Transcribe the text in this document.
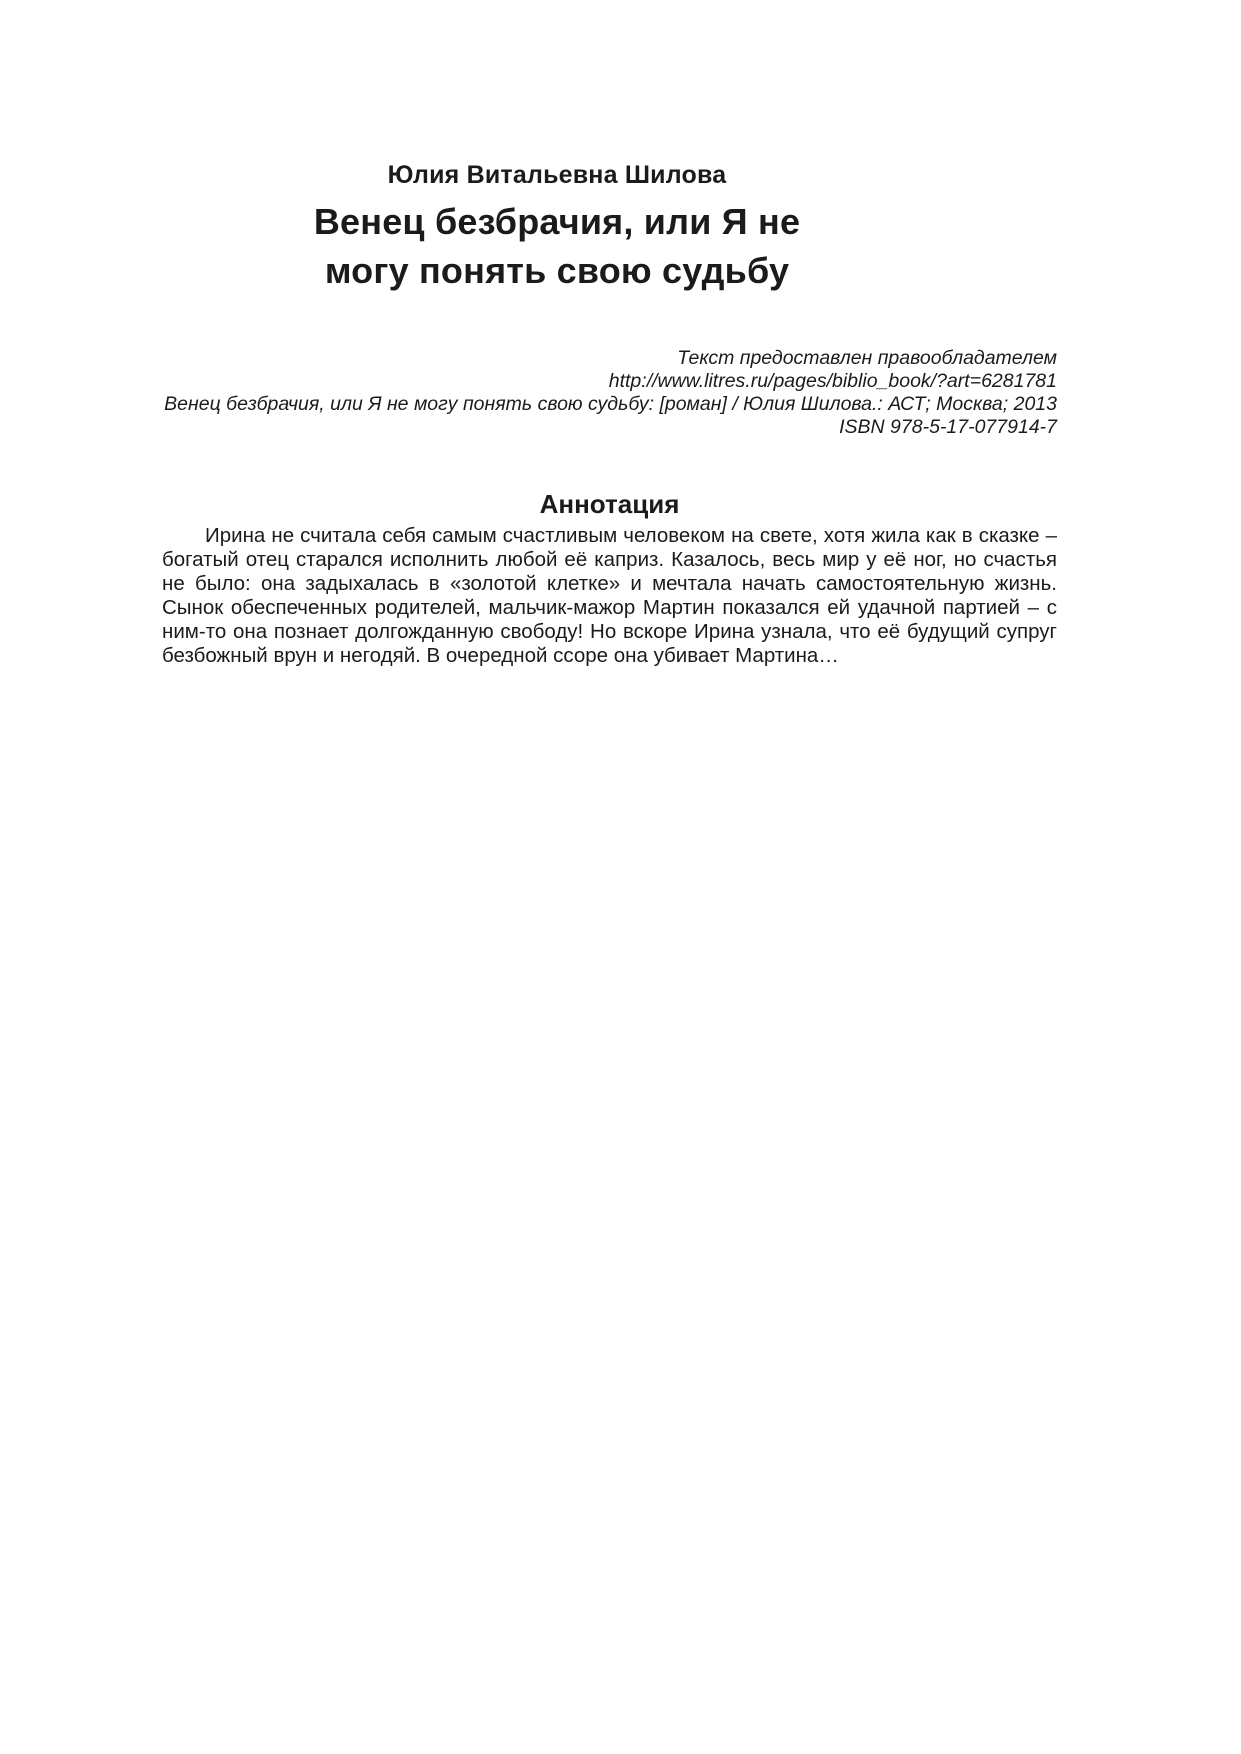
Юлия Витальевна Шилова
Венец безбрачия, или Я не
могу понять свою судьбу
Текст предоставлен правообладателем
http://www.litres.ru/pages/biblio_book/?art=6281781
Венец безбрачия, или Я не могу понять свою судьбу: [роман] / Юлия Шилова.: АСТ; Москва; 2013
ISBN 978-5-17-077914-7
Аннотация

Ирина не считала себя самым счастливым человеком на свете, хотя жила как в сказке – богатый отец старался исполнить любой её каприз. Казалось, весь мир у её ног, но счастья не было: она задыхалась в «золотой клетке» и мечтала начать самостоятельную жизнь. Сынок обеспеченных родителей, мальчик-мажор Мартин показался ей удачной партией – с ним-то она познает долгожданную свободу! Но вскоре Ирина узнала, что её будущий супруг безбожный врун и негодяй. В очередной ссоре она убивает Мартина…
